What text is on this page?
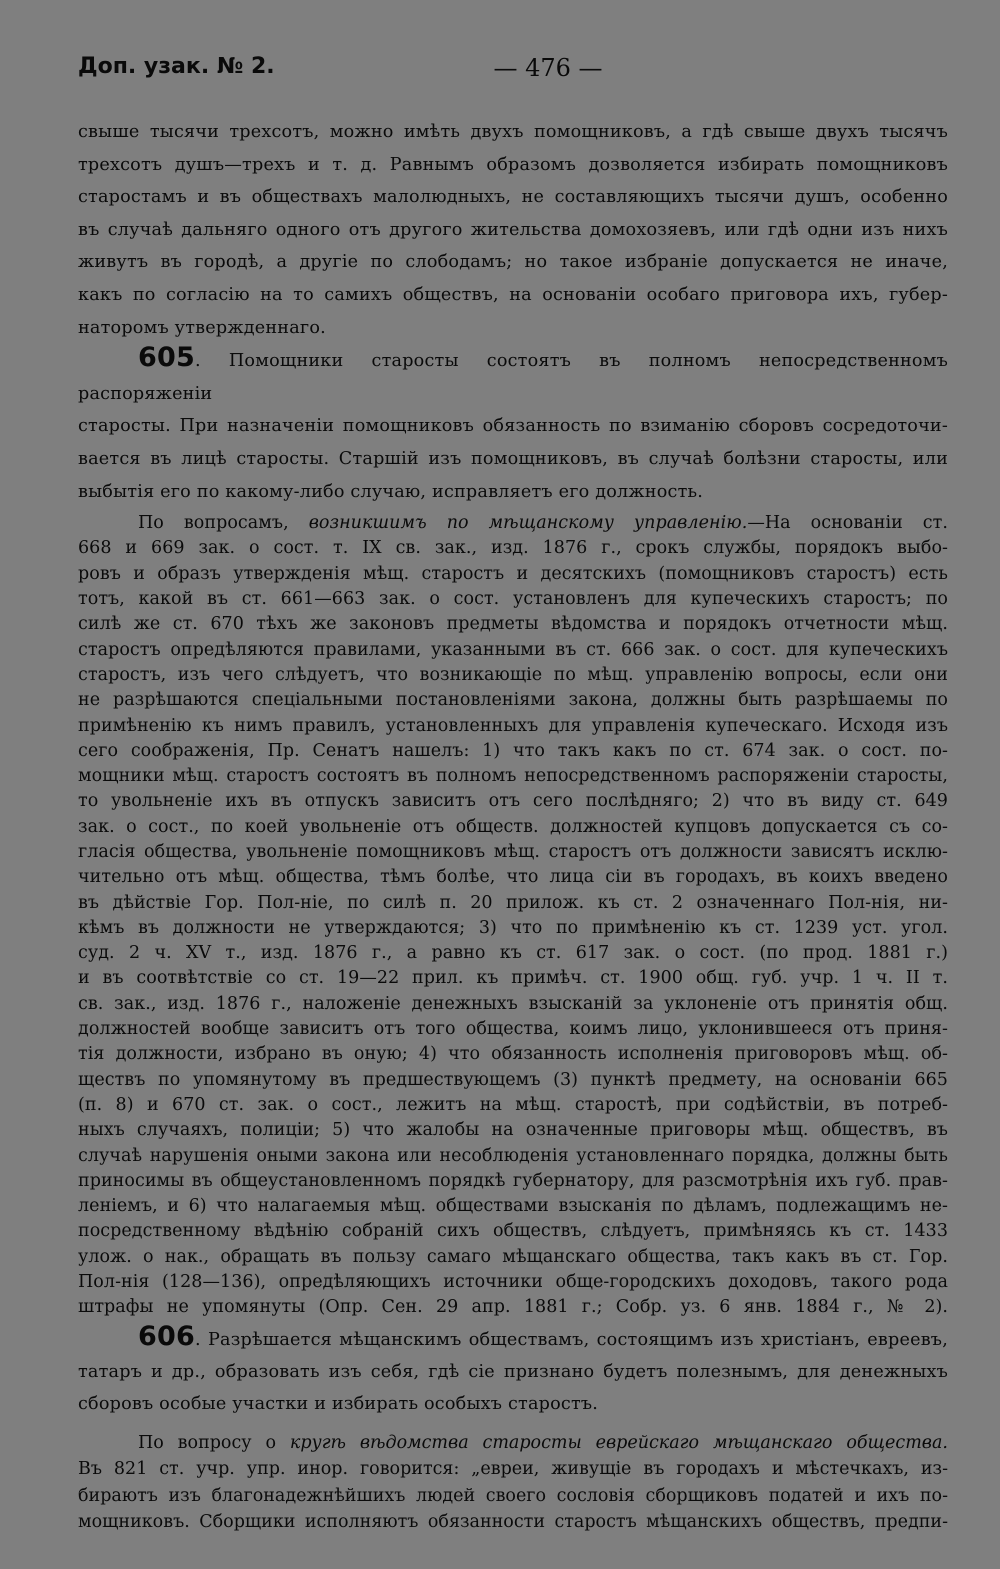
Доп. узак. № 2.	— 476 —
свыше тысячи трехсотъ, можно имѣть двухъ помощниковъ, а гдѣ свыше двухъ тысячъ
трехсотъ душъ—трехъ и т. д. Равнымъ образомъ дозволяется избирать помощниковъ
старостамъ и въ обществахъ малолюдныхъ, не составляющихъ тысячи душъ, особенно
въ случаѣ дальняго одного отъ другого жительства домохозяевъ, или гдѣ одни изъ нихъ
живутъ въ городѣ, а другіе по слободамъ; но такое избраніе допускается не иначе,
какъ по согласію на то самихъ обществъ, на основаніи особаго приговора ихъ, губер-
наторомъ утвержденнаго.
605. Помощники старосты состоятъ въ полномъ непосредственномъ распоряженіи
старосты. При назначеніи помощниковъ обязанность по взиманію сборовъ сосредоточи-
вается въ лицѣ старосты. Старшій изъ помощниковъ, въ случаѣ болѣзни старосты, или
выбытія его по какому-либо случаю, исправляетъ его должность.
По вопросамъ, возникшимъ по мѣщанскому управленію.—На основаніи ст.
668 и 669 зак. о сост. т. IX св. зак., изд. 1876 г., срокъ службы, порядокъ выбо-
ровъ и образъ утвержденія мѣщ. старостъ и десятскихъ (помощниковъ старостъ) есть
тотъ, какой въ ст. 661—663 зак. о сост. установленъ для купеческихъ старостъ; по
силѣ же ст. 670 тѣхъ же законовъ предметы вѣдомства и порядокъ отчетности мѣщ.
старостъ опредѣляются правилами, указанными въ ст. 666 зак. о сост. для купеческихъ
старостъ, изъ чего слѣдуетъ, что возникающіе по мѣщ. управленію вопросы, если они
не разрѣшаются спеціальными постановленіями закона, должны быть разрѣшаемы по
примѣненію къ нимъ правилъ, установленныхъ для управленія купеческаго. Исходя изъ
сего соображенія, Пр. Сенатъ нашелъ: 1) что такъ какъ по ст. 674 зак. о сост. по-
мощники мѣщ. старостъ состоятъ въ полномъ непосредственномъ распоряженіи старосты,
то увольненіе ихъ въ отпускъ зависитъ отъ сего послѣдняго; 2) что въ виду ст. 649
зак. о сост., по коей увольненіе отъ обществ. должностей купцовъ допускается съ со-
гласія общества, увольненіе помощниковъ мѣщ. старостъ отъ должности зависятъ исклю-
чительно отъ мѣщ. общества, тѣмъ болѣе, что лица сіи въ городахъ, въ коихъ введено
въ дѣйствіе Гор. Пол-ніе, по силѣ п. 20 прилож. къ ст. 2 означеннаго Пол-нія, ни-
кѣмъ въ должности не утверждаются; 3) что по примѣненію къ ст. 1239 уст. угол.
суд. 2 ч. XV т., изд. 1876 г., а равно къ ст. 617 зак. о сост. (по прод. 1881 г.)
и въ соотвѣтствіе со ст. 19—22 прил. къ примѣч. ст. 1900 общ. губ. учр. 1 ч. II т.
св. зак., изд. 1876 г., наложеніе денежныхъ взысканій за уклоненіе отъ принятія общ.
должностей вообще зависитъ отъ того общества, коимъ лицо, уклонившееся отъ приня-
тія должности, избрано въ оную; 4) что обязанность исполненія приговоровъ мѣщ. об-
ществъ по упомянутому въ предшествующемъ (3) пунктѣ предмету, на основаніи 665
(п. 8) и 670 ст. зак. о сост., лежитъ на мѣщ. старостѣ, при содѣйствіи, въ потреб-
ныхъ случаяхъ, полиціи; 5) что жалобы на означенные приговоры мѣщ. обществъ, въ
случаѣ нарушенія оными закона или несоблюденія установленнаго порядка, должны быть
приносимы въ общеустановленномъ порядкѣ губернатору, для разсмотрѣнія ихъ губ. прав-
леніемъ, и 6) что налагаемыя мѣщ. обществами взысканія по дѣламъ, подлежащимъ не-
посредственному вѣдѣнію собраній сихъ обществъ, слѣдуетъ, примѣняясь къ ст. 1433
улож. о нак., обращать въ пользу самаго мѣщанскаго общества, такъ какъ въ ст. Гор.
Пол-нія (128—136), опредѣляющихъ источники обще-городскихъ доходовъ, такого рода
штрафы не упомянуты (Опр. Сен. 29 апр. 1881 г.; Собр. уз. 6 янв. 1884 г., № 2).
606. Разрѣшается мѣщанскимъ обществамъ, состоящимъ изъ христіанъ, евреевъ,
татаръ и др., образовать изъ себя, гдѣ сіе признано будетъ полезнымъ, для денежныхъ
сборовъ особые участки и избирать особыхъ старостъ.
По вопросу о кругѣ вѣдомства старосты еврейскаго мѣщанскаго общества.
Въ 821 ст. учр. упр. инор. говорится: „евреи, живущіе въ городахъ и мѣстечкахъ, из-
бираютъ изъ благонадежнѣйшихъ людей своего сословія сборщиковъ податей и ихъ по-
мощниковъ. Сборщики исполняютъ обязанности старостъ мѣщанскихъ обществъ, предпи-
